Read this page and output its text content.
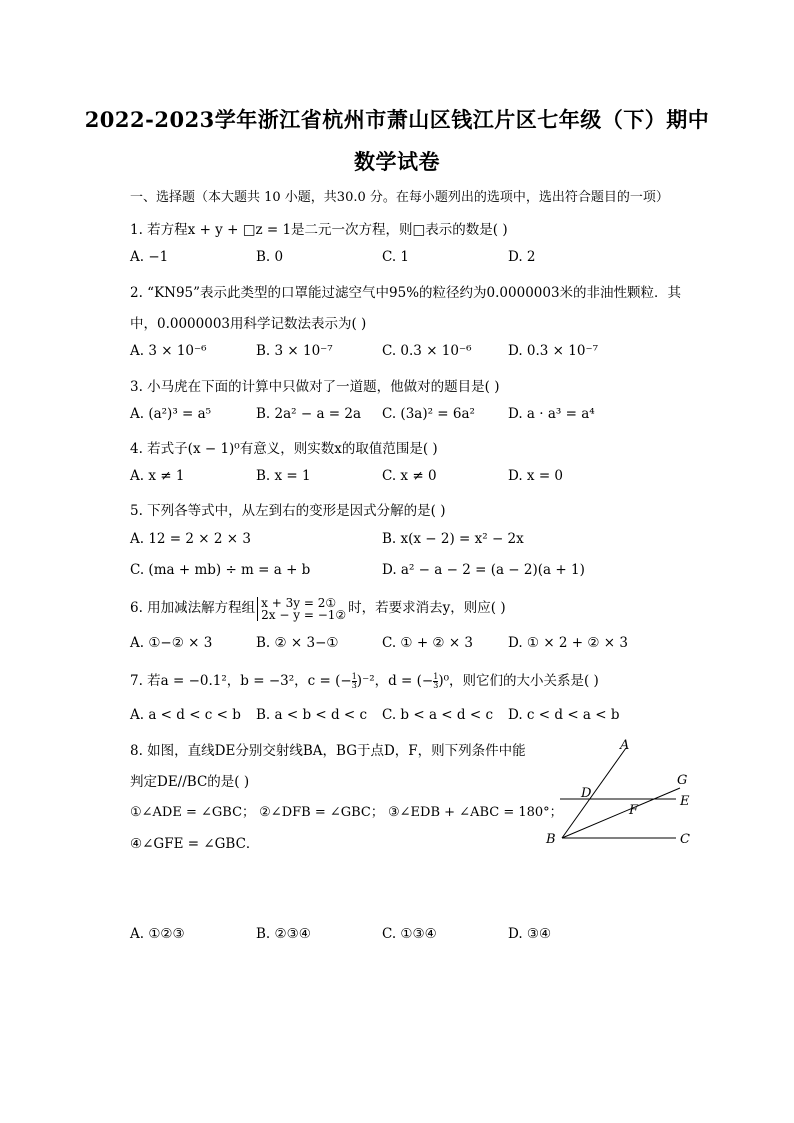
2022-2023学年浙江省杭州市萧山区钱江片区七年级（下）期中
数学试卷
一、选择题（本大题共 10 小题，共30.0 分。在每小题列出的选项中，选出符合题目的一项）
1. 若方程x + y + □z = 1是二元一次方程，则□表示的数是( )
A. −1	B. 0	C. 1	D. 2
2. “KN95”表示此类型的口罩能过滤空气中95%的粒径约为0.0000003米的非油性颗粒．其
中，0.0000003用科学记数法表示为( )
A. 3 × 10⁻⁶	B. 3 × 10⁻⁷	C. 0.3 × 10⁻⁶	D. 0.3 × 10⁻⁷
3. 小马虎在下面的计算中只做对了一道题，他做对的题目是( )
A. (a²)³ = a⁵	B. 2a² − a = 2a C. (3a)² = 6a² D. a · a³ = a⁴
4. 若式子(x − 1)⁰有意义，则实数x的取值范围是( )
A. x ≠ 1	B. x = 1	C. x ≠ 0	D. x = 0
5. 下列各等式中，从左到右的变形是因式分解的是( )
A. 12 = 2 × 2 × 3	B. x(x − 2) = x² − 2x
C. (ma + mb) ÷ m = a + b	D. a² − a − 2 = (a − 2)(a + 1)
6. 用加减法解方程组 x + 3y = 2①
2x − y = −1② 时，若要求消去y，则应( )
A. ①−② × 3	B. ② × 3−①	C. ① + ② × 3	D. ① × 2 + ② × 3
7. 若a = −0.1²，b = −3²，c = (− $\frac{1}{3} )^{-2}$，d = (− $\frac{1}{3} )^0$，则它们的大小关系是( )
A. a < d < c < b B. a < b < d < c C. b < a < d < c D. c < d < a < b
8. 如图，直线DE分别交射线BA，BG于点D，F，则下列条件中能
判定DE//BC的是( )
①∠ADE = ∠GBC； ②∠DFB = ∠GBC； ③∠EDB + ∠ABC = 180°；
④∠GFE = ∠GBC．
A
G
D
E
F
B	C
A. ①②③	B. ②③④	C. ①③④	D. ③④
